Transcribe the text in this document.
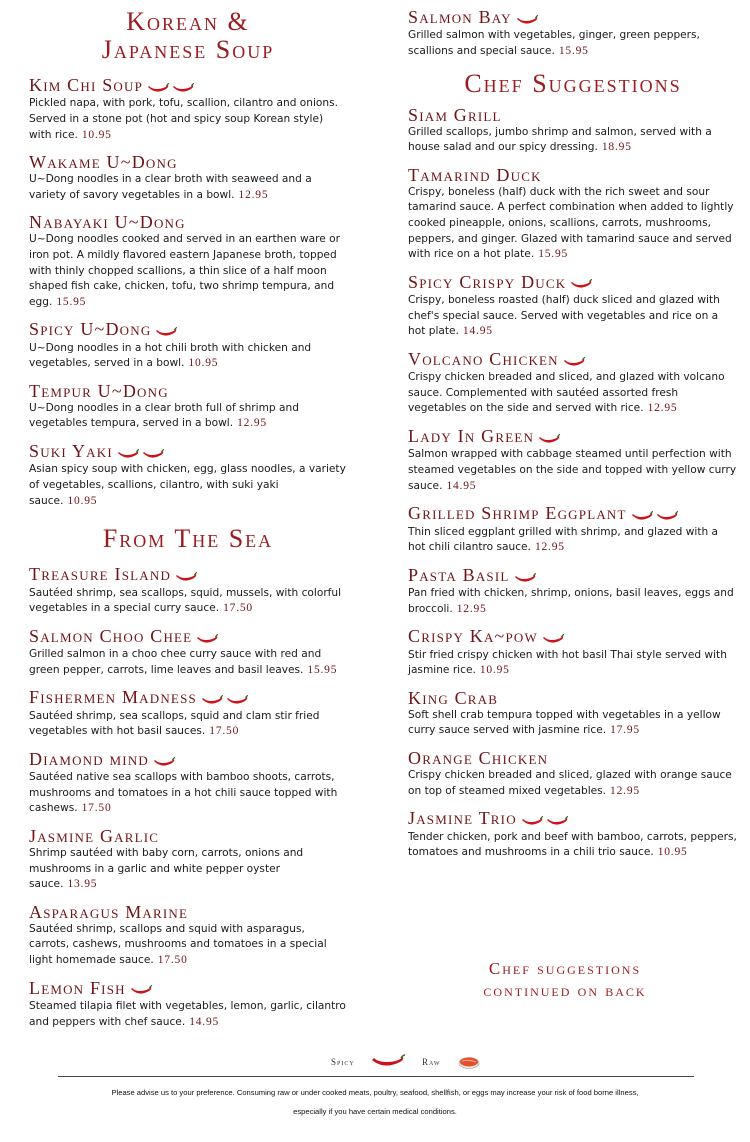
Korean &
Japanese Soup
Kim Chi Soup
Pickled napa, with pork, tofu, scallion, cilantro and onions. Served in a stone pot (hot and spicy soup Korean style) with rice. 10.95
Wakame U~Dong
U~Dong noodles in a clear broth with seaweed and a variety of savory vegetables in a bowl. 12.95
Nabayaki U~Dong
U~Dong noodles cooked and served in an earthen ware or iron pot. A mildly flavored eastern Japanese broth, topped with thinly chopped scallions, a thin slice of a half moon shaped fish cake, chicken, tofu, two shrimp tempura, and egg. 15.95
Spicy U~Dong
U~Dong noodles in a hot chili broth with chicken and vegetables, served in a bowl. 10.95
Tempur U~Dong
U~Dong noodles in a clear broth full of shrimp and vegetables tempura, served in a bowl. 12.95
Suki Yaki
Asian spicy soup with chicken, egg, glass noodles, a variety of vegetables, scallions, cilantro, with suki yaki sauce. 10.95
From The Sea
Treasure Island
Sautéed shrimp, sea scallops, squid, mussels, with colorful vegetables in a special curry sauce. 17.50
Salmon Choo Chee
Grilled salmon in a choo chee curry sauce with red and green pepper, carrots, lime leaves and basil leaves. 15.95
Fishermen Madness
Sautéed shrimp, sea scallops, squid and clam stir fried vegetables with hot basil sauces. 17.50
Diamond mind
Sautéed native sea scallops with bamboo shoots, carrots, mushrooms and tomatoes in a hot chili sauce topped with cashews. 17.50
Jasmine Garlic
Shrimp sautéed with baby corn, carrots, onions and mushrooms in a garlic and white pepper oyster sauce. 13.95
Asparagus Marine
Sautéed shrimp, scallops and squid with asparagus, carrots, cashews, mushrooms and tomatoes in a special light homemade sauce. 17.50
Lemon Fish
Steamed tilapia filet with vegetables, lemon, garlic, cilantro and peppers with chef sauce. 14.95
Salmon Bay
Grilled salmon with vegetables, ginger, green peppers, scallions and special sauce. 15.95
Chef Suggestions
Siam Grill
Grilled scallops, jumbo shrimp and salmon, served with a house salad and our spicy dressing. 18.95
Tamarind Duck
Crispy, boneless (half) duck with the rich sweet and sour tamarind sauce. A perfect combination when added to lightly cooked pineapple, onions, scallions, carrots, mushrooms, peppers, and ginger. Glazed with tamarind sauce and served with rice on a hot plate. 15.95
Spicy Crispy Duck
Crispy, boneless roasted (half) duck sliced and glazed with chef's special sauce. Served with vegetables and rice on a hot plate. 14.95
Volcano Chicken
Crispy chicken breaded and sliced, and glazed with volcano sauce. Complemented with sautéed assorted fresh vegetables on the side and served with rice. 12.95
Lady In Green
Salmon wrapped with cabbage steamed until perfection with steamed vegetables on the side and topped with yellow curry sauce. 14.95
Grilled Shrimp Eggplant
Thin sliced eggplant grilled with shrimp, and glazed with a hot chili cilantro sauce. 12.95
Pasta Basil
Pan fried with chicken, shrimp, onions, basil leaves, eggs and broccoli. 12.95
Crispy Ka~pow
Stir fried crispy chicken with hot basil Thai style served with jasmine rice. 10.95
King Crab
Soft shell crab tempura topped with vegetables in a yellow curry sauce served with jasmine rice. 17.95
Orange Chicken
Crispy chicken breaded and sliced, glazed with orange sauce on top of steamed mixed vegetables. 12.95
Jasmine Trio
Tender chicken, pork and beef with bamboo, carrots, peppers, tomatoes and mushrooms in a chili trio sauce. 10.95
Chef suggestions
continued on back
Spicy	Raw
Please advise us to your preference. Consuming raw or under cooked meats, poultry, seafood, shellfish, or eggs may increase your risk of food borne illness,
especially if you have certain medical conditions.
